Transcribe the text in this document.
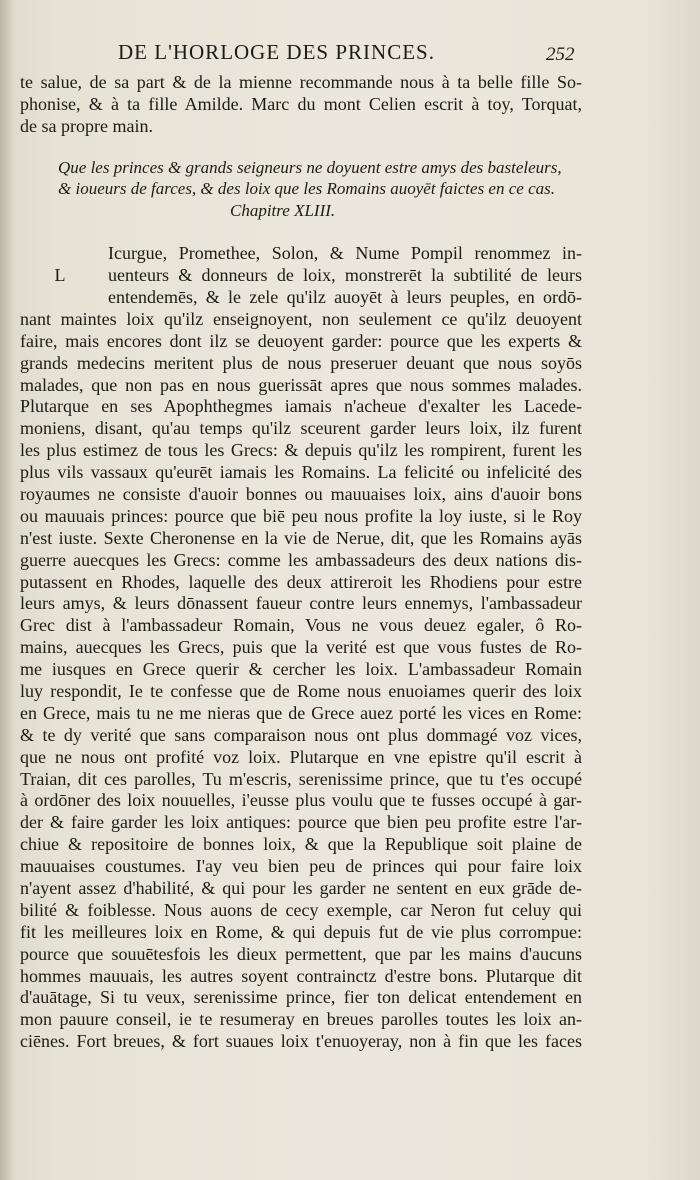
DE L'HORLOGE DES PRINCES.	252
te salue, de sa part & de la mienne recommande nous à ta belle fille So-
phonise, & à ta fille Amilde. Marc du mont Celien escrit à toy, Torquat,
de sa propre main.
Que les princes & grands seigneurs ne doyuent estre amys des basteleurs,
& ioueurs de farces, & des loix que les Romains auoyēt faictes en ce cas.
Chapitre XLIII.
Icurgue, Promethee, Solon, & Nume Pompil renommez in-
L	uenteurs & donneurs de loix, monstrerēt la subtilité de leurs
entendemēs, & le zele qu'ilz auoyēt à leurs peuples, en ordō-
nant maintes loix qu'ilz enseignoyent, non seulement ce qu'ilz deuoyent
faire, mais encores dont ilz se deuoyent garder: pource que les experts &
grands medecins meritent plus de nous preseruer deuant que nous soyōs
malades, que non pas en nous guerissāt apres que nous sommes malades.
Plutarque en ses Apophthegmes iamais n'acheue d'exalter les Lacede-
moniens, disant, qu'au temps qu'ilz sceurent garder leurs loix, ilz furent
les plus estimez de tous les Grecs: & depuis qu'ilz les rompirent, furent les
plus vils vassaux qu'eurēt iamais les Romains. La felicité ou infelicité des
royaumes ne consiste d'auoir bonnes ou mauuaises loix, ains d'auoir bons
ou mauuais princes: pource que biē peu nous profite la loy iuste, si le Roy
n'est iuste. Sexte Cheronense en la vie de Nerue, dit, que les Romains ayās
guerre auecques les Grecs: comme les ambassadeurs des deux nations dis-
putassent en Rhodes, laquelle des deux attireroit les Rhodiens pour estre
leurs amys, & leurs dōnassent faueur contre leurs ennemys, l'ambassadeur
Grec dist à l'ambassadeur Romain, Vous ne vous deuez egaler, ô Ro-
mains, auecques les Grecs, puis que la verité est que vous fustes de Ro-
me iusques en Grece querir & cercher les loix. L'ambassadeur Romain
luy respondit, Ie te confesse que de Rome nous enuoiames querir des loix
en Grece, mais tu ne me nieras que de Grece auez porté les vices en Rome:
& te dy verité que sans comparaison nous ont plus dommagé voz vices,
que ne nous ont profité voz loix. Plutarque en vne epistre qu'il escrit à
Traian, dit ces parolles, Tu m'escris, serenissime prince, que tu t'es occupé
à ordōner des loix nouuelles, i'eusse plus voulu que te fusses occupé à gar-
der & faire garder les loix antiques: pource que bien peu profite estre l'ar-
chiue & repositoire de bonnes loix, & que la Republique soit plaine de
mauuaises coustumes. I'ay veu bien peu de princes qui pour faire loix
n'ayent assez d'habilité, & qui pour les garder ne sentent en eux grāde de-
bilité & foiblesse. Nous auons de cecy exemple, car Neron fut celuy qui
fit les meilleures loix en Rome, & qui depuis fut de vie plus corrompue:
pource que souuētesfois les dieux permettent, que par les mains d'aucuns
hommes mauuais, les autres soyent contrainctz d'estre bons. Plutarque dit
d'auātage, Si tu veux, serenissime prince, fier ton delicat entendement en
mon pauure conseil, ie te resumeray en breues parolles toutes les loix an-
ciēnes. Fort breues, & fort suaues loix t'enuoyeray, non à fin que les faces
